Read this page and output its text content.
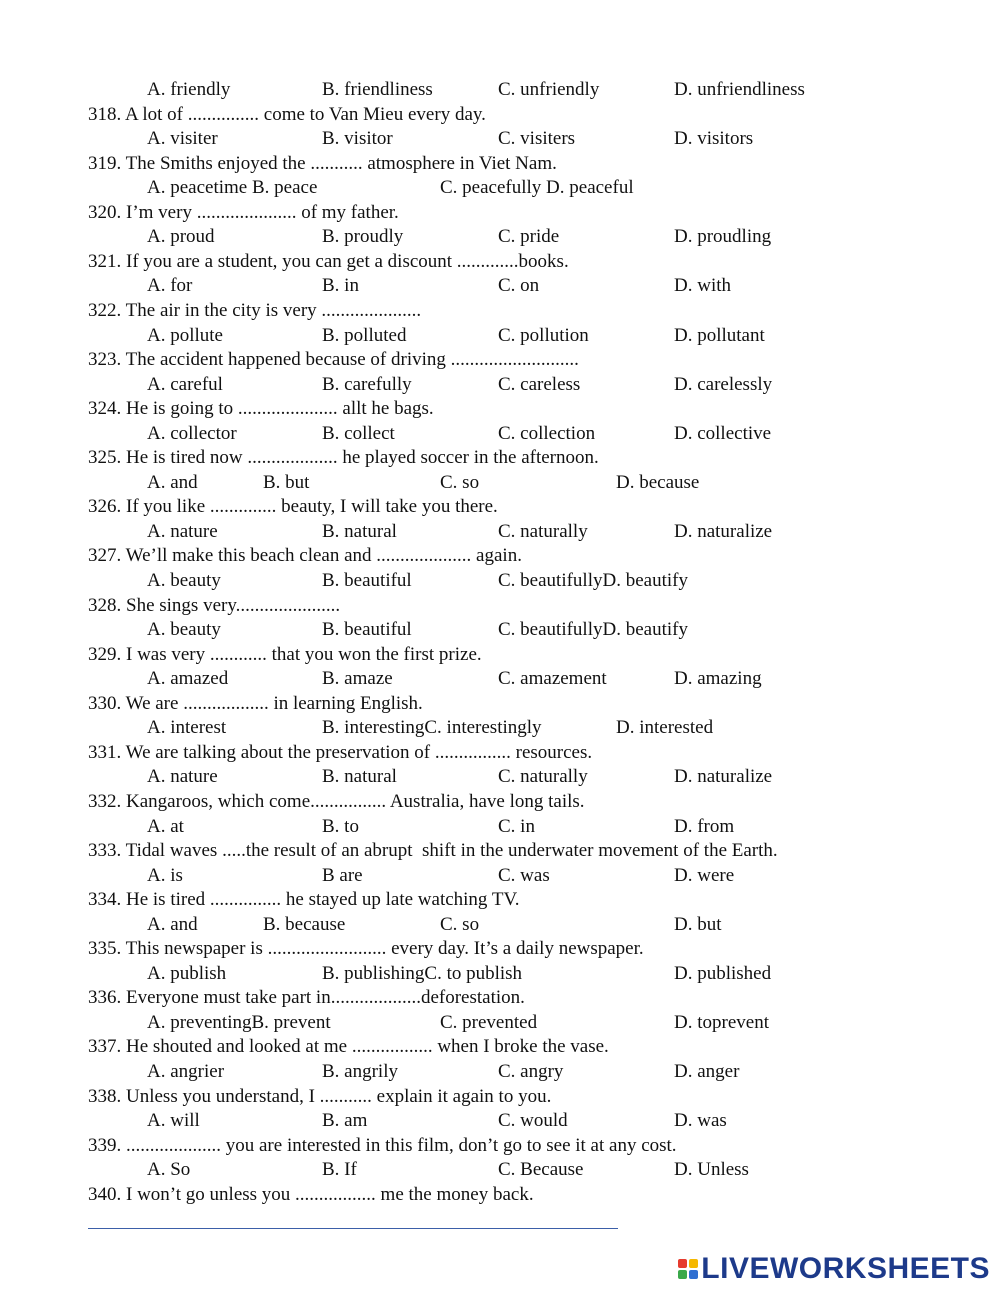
A. friendly	B. friendliness	C. unfriendly	D. unfriendliness
318. A lot of ............... come to Van Mieu every day.
A. visiter	B. visitor	C. visiters	D. visitors
319. The Smiths enjoyed the ........... atmosphere in Viet Nam.
A. peacetime B. peace	C. peacefully D. peaceful
320. I’m very ..................... of my father.
A. proud	B. proudly	C. pride	D. proudling
321. If you are a student, you can get a discount .............books.
A. for	B. in	C. on	D. with
322. The air in the city is very .....................
A. pollute	B. polluted	C. pollution	D. pollutant
323. The accident happened because of driving ...........................
A. careful	B. carefully	C. careless	D. carelessly
324. He is going to ..................... allt he bags.
A. collector	B. collect	C. collection	D. collective
325. He is tired now ................... he played soccer in the afternoon.
A. and	B. but	C. so	D. because
326. If you like .............. beauty, I will take you there.
A. nature	B. natural	C. naturally	D. naturalize
327. We’ll make this beach clean and .................... again.
A. beauty	B. beautiful	C. beautifullyD. beautify
328. She sings very......................
A. beauty	B. beautiful	C. beautifullyD. beautify
329. I was very ............ that you won the first prize.
A. amazed	B. amaze	C. amazement	D. amazing
330. We are .................. in learning English.
A. interest	B. interestingC. interestingly	D. interested
331. We are talking about the preservation of ................ resources.
A. nature	B. natural	C. naturally	D. naturalize
332. Kangaroos, which come................ Australia, have long tails.
A. at	B. to	C. in	D. from
333. Tidal waves .....the result of an abrupt  shift in the underwater movement of the Earth.
A. is	B are	C. was	D. were
334. He is tired ............... he stayed up late watching TV.
A. and	B. because	C. so	D. but
335. This newspaper is ......................... every day. It’s a daily newspaper.
A. publish	B. publishingC. to publish	D. published
336. Everyone must take part in...................deforestation.
A. preventingB. prevent	C. prevented	D. toprevent
337. He shouted and looked at me ................. when I broke the vase.
A. angrier	B. angrily	C. angry	D. anger
338. Unless you understand, I ........... explain it again to you.
A. will	B. am	C. would	D. was
339. .................... you are interested in this film, don’t go to see it at any cost.
A. So	B. If	C. Because	D. Unless
340. I won’t go unless you ................. me the money back.
LIVEWORKSHEETS
